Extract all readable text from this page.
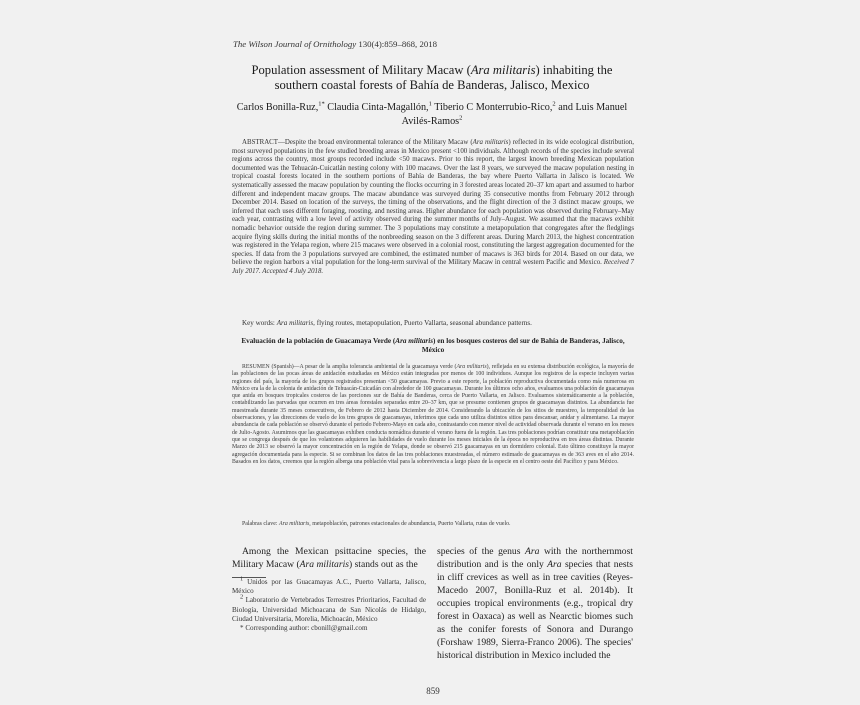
The Wilson Journal of Ornithology 130(4):859–868, 2018
Population assessment of Military Macaw (Ara militaris) inhabiting the southern coastal forests of Bahía de Banderas, Jalisco, Mexico
Carlos Bonilla-Ruz,$^{1*}$ Claudia Cinta-Magallón,$^1$ Tiberio C Monterrubio-Rico,$^2$ and Luis Manuel Avilés-Ramos$^2$
ABSTRACT—Despite the broad environmental tolerance of the Military Macaw (Ara militaris) reflected in its wide ecological distribution, most surveyed populations in the few studied breeding areas in Mexico present <100 individuals. Although records of the species include several regions across the country, most groups recorded include <50 macaws. Prior to this report, the largest known breeding Mexican population documented was the Tehuacán-Cuicatlán nesting colony with 100 macaws. Over the last 8 years, we surveyed the macaw population nesting in tropical coastal forests located in the southern portions of Bahía de Banderas, the bay where Puerto Vallarta in Jalisco is located. We systematically assessed the macaw population by counting the flocks occurring in 3 forested areas located 20–37 km apart and assumed to harbor different and independent macaw groups. The macaw abundance was surveyed during 35 consecutive months from February 2012 through December 2014. Based on location of the surveys, the timing of the observations, and the flight direction of the 3 distinct macaw groups, we inferred that each uses different foraging, roosting, and nesting areas. Higher abundance for each population was observed during February–May each year, contrasting with a low level of activity observed during the summer months of July–August. We assumed that the macaws exhibit nomadic behavior outside the region during summer. The 3 populations may constitute a metapopulation that congregates after the fledglings acquire flying skills during the initial months of the nonbreeding season on the 3 different areas. During March 2013, the highest concentration was registered in the Yelapa region, where 215 macaws were observed in a colonial roost, constituting the largest aggregation documented for the species. If data from the 3 populations surveyed are combined, the estimated number of macaws is 363 birds for 2014. Based on our data, we believe the region harbors a vital population for the long-term survival of the Military Macaw in central western Pacific and Mexico. Received 7 July 2017. Accepted 4 July 2018.
Key words: Ara militaris, flying routes, metapopulation, Puerto Vallarta, seasonal abundance patterns.
Evaluación de la población de Guacamaya Verde (Ara militaris) en los bosques costeros del sur de Bahía de Banderas, Jalisco, México
RESUMEN (Spanish)—A pesar de la amplia tolerancia ambiental de la guacamaya verde (Ara militaris), reflejada en su extensa distribución ecológica, la mayoría de las poblaciones de las pocas áreas de anidación estudiadas en México están integradas por menos de 100 individuos. Aunque los registros de la especie incluyen varias regiones del país, la mayoría de los grupos registrados presentan <50 guacamayas. Previo a este reporte, la población reproductiva documentada como más numerosa en México era la de la colonia de anidación de Tehuacán-Cuicatlán con alrededor de 100 guacamayas. Durante los últimos ocho años, evaluamos una población de guacamayas que anida en bosques tropicales costeros de las porciones sur de Bahía de Banderas, cerca de Puerto Vallarta, en Jalisco. Evaluamos sistemáticamente a la población, contabilizando las parvadas que ocurren en tres áreas forestales separadas entre 20–37 km, que se presume contienen grupos de guacamayas distintos. La abundancia fue muestreada durante 35 meses consecutivos, de Febrero de 2012 hasta Diciembre de 2014. Considerando la ubicación de los sitios de muestreo, la temporalidad de las observaciones, y las direcciones de vuelo de los tres grupos de guacamayas, inferimos que cada uno utiliza distintos sitios para descansar, anidar y alimentarse. La mayor abundancia de cada población se observó durante el periodo Febrero-Mayo en cada año, contrastando con menor nivel de actividad observada durante el verano en los meses de Julio-Agosto. Asumimos que las guacamayas exhiben conducta nomádica durante el verano fuera de la región. Las tres poblaciones podrían constituir una metapoblación que se congrega después de que los volantones adquieren las habilidades de vuelo durante los meses iniciales de la época no reproductiva en tres áreas distintas. Durante Marzo de 2013 se observó la mayor concentración en la región de Yelapa, donde se observó 215 guacamayas en un dormidero colonial. Esto último constituye la mayor agregación documentada para la especie. Si se combinan los datos de las tres poblaciones muestreadas, el número estimado de guacamayas es de 363 aves en el año 2014. Basados en los datos, creemos que la región alberga una población vital para la sobrevivencia a largo plazo de la especie en el centro oeste del Pacífico y para México.
Palabras clave: Ara militaris, metapoblación, patrones estacionales de abundancia, Puerto Vallarta, rutas de vuelo.

Among the Mexican psittacine species, the Military Macaw (Ara militaris) stands out as the

$^1$ Unidos por las Guacamayas A.C., Puerto Vallarta, Jalisco, México

$^2$ Laboratorio de Vertebrados Terrestres Prioritarios, Facultad de Biología, Universidad Michoacana de San Nicolás de Hidalgo, Ciudad Universitaria, Morelia, Michoacán, México

* Corresponding author: cbonill@gmail.com

species of the genus Ara with the northernmost distribution and is the only Ara species that nests in cliff crevices as well as in tree cavities (Reyes-Macedo 2007, Bonilla-Ruz et al. 2014b). It occupies tropical environments (e.g., tropical dry forest in Oaxaca) as well as Nearctic biomes such as the conifer forests of Sonora and Durango (Forshaw 1989, Sierra-Franco 2006). The species' historical distribution in Mexico included the

859
